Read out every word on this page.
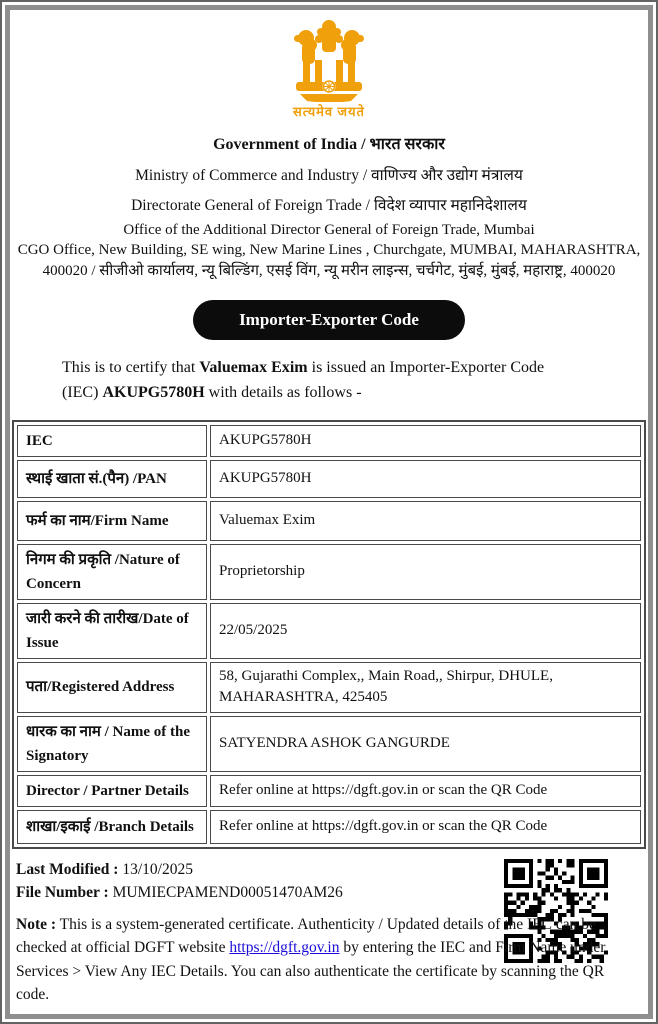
सत्यमेव जयते
Government of India / भारत सरकार
Ministry of Commerce and Industry / वाणिज्य और उद्योग मंत्रालय
Directorate General of Foreign Trade / विदेश व्यापार महानिदेशालय
Office of the Additional Director General of Foreign Trade, Mumbai
CGO Office, New Building, SE wing, New Marine Lines , Churchgate, MUMBAI, MAHARASHTRA, 400020 / सीजीओ कार्यालय, न्यू बिल्डिंग, एसई विंग, न्यू मरीन लाइन्स, चर्चगेट, मुंबई, मुंबई, महाराष्ट्र, 400020
Importer-Exporter Code

This is to certify that Valuemax Exim is issued an Importer-Exporter Code (IEC) AKUPG5780H with details as follows -

IEC	AKUPG5780H
स्थाई खाता सं.(पैन) /PAN	AKUPG5780H
फर्म का नाम/Firm Name	Valuemax Exim
निगम की प्रकृति /Nature of Concern	Proprietorship
जारी करने की तारीख/Date of Issue	22/05/2025
पता/Registered Address	58, Gujarathi Complex,, Main Road,, Shirpur, DHULE, MAHARASHTRA, 425405
धारक का नाम / Name of the Signatory	SATYENDRA ASHOK GANGURDE
Director / Partner Details	Refer online at https://dgft.gov.in or scan the QR Code
शाखा/इकाई /Branch Details	Refer online at https://dgft.gov.in or scan the QR Code
Last Modified : 13/10/2025
File Number : MUMIECPAMEND00051470AM26
Note : This is a system-generated certificate. Authenticity / Updated details of the IEC can be checked at official DGFT website https://dgft.gov.in by entering the IEC and Firm Name under Services > View Any IEC Details. You can also authenticate the certificate by scanning the QR code.
